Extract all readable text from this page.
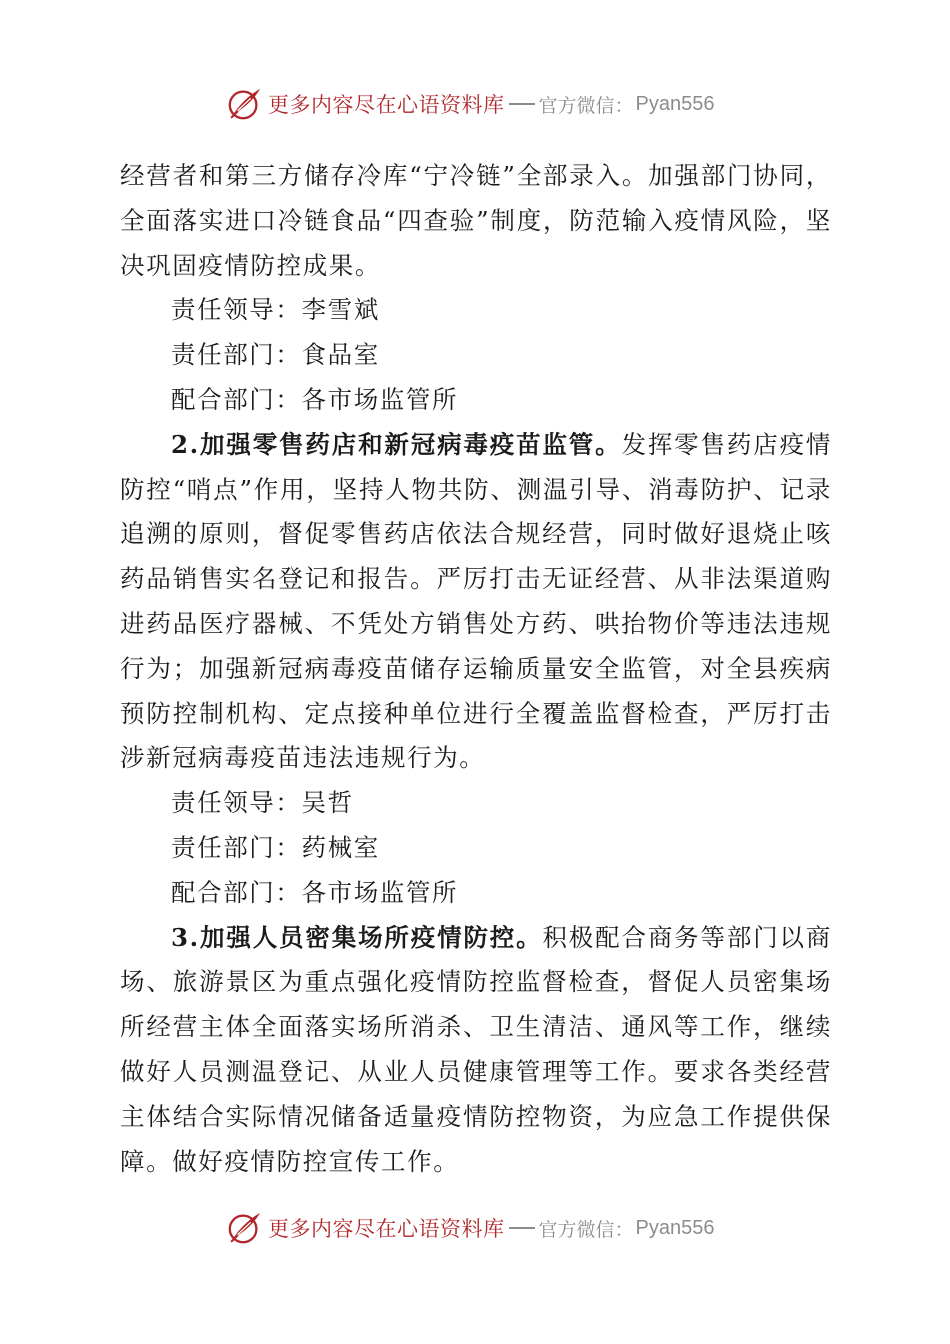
更多内容尽在心语资料库 官方微信： Pyan556

经营者和第三方储存冷库“宁冷链”全部录入。加强部门协同，全面落实进口冷链食品“四查验”制度，防范输入疫情风险，坚决巩固疫情防控成果。

责任领导：李雪斌

责任部门：食品室

配合部门：各市场监管所

2.加强零售药店和新冠病毒疫苗监管。发挥零售药店疫情防控“哨点”作用，坚持人物共防、测温引导、消毒防护、记录追溯的原则，督促零售药店依法合规经营，同时做好退烧止咳药品销售实名登记和报告。严厉打击无证经营、从非法渠道购进药品医疗器械、不凭处方销售处方药、哄抬物价等违法违规行为；加强新冠病毒疫苗储存运输质量安全监管，对全县疾病预防控制机构、定点接种单位进行全覆盖监督检查，严厉打击涉新冠病毒疫苗违法违规行为。

责任领导：吴哲

责任部门：药械室

配合部门：各市场监管所

3.加强人员密集场所疫情防控。积极配合商务等部门以商场、旅游景区为重点强化疫情防控监督检查，督促人员密集场所经营主体全面落实场所消杀、卫生清洁、通风等工作，继续做好人员测温登记、从业人员健康管理等工作。要求各类经营主体结合实际情况储备适量疫情防控物资，为应急工作提供保障。做好疫情防控宣传工作。

更多内容尽在心语资料库 官方微信： Pyan556
